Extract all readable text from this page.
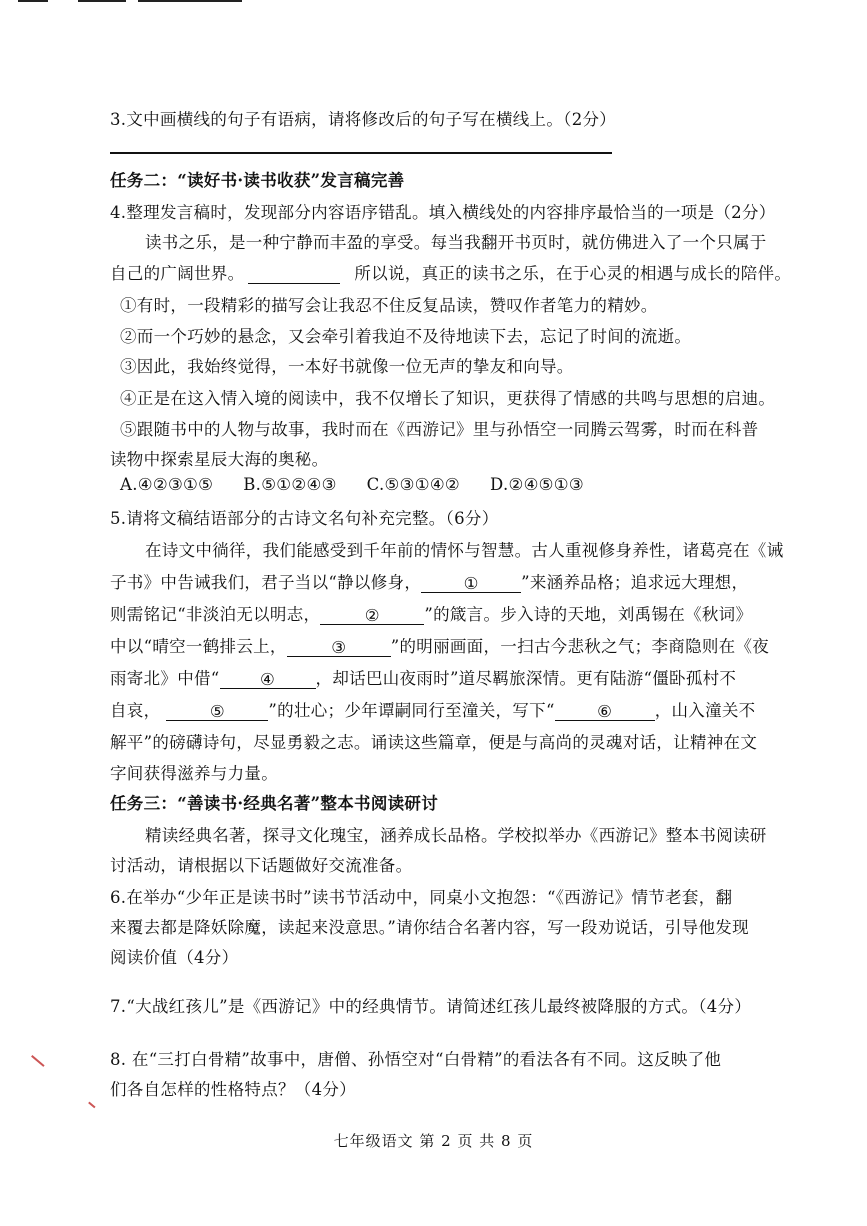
3.文中画横线的句子有语病，请将修改后的句子写在横线上。（2分）
任务二：“读好书·读书收获”发言稿完善
4.整理发言稿时，发现部分内容语序错乱。填入横线处的内容排序最恰当的一项是（2分）
读书之乐，是一种宁静而丰盈的享受。每当我翻开书页时，就仿佛进入了一个只属于
自己的广阔世界。	所以说，真正的读书之乐，在于心灵的相遇与成长的陪伴。
①有时，一段精彩的描写会让我忍不住反复品读，赞叹作者笔力的精妙。
②而一个巧妙的悬念，又会牵引着我迫不及待地读下去，忘记了时间的流逝。
③因此，我始终觉得，一本好书就像一位无声的挚友和向导。
④正是在这入情入境的阅读中，我不仅增长了知识，更获得了情感的共鸣与思想的启迪。
⑤跟随书中的人物与故事，我时而在《西游记》里与孙悟空一同腾云驾雾，时而在科普
读物中探索星辰大海的奥秘。
A.④②③①⑤ B.⑤①②④③ C.⑤③①④② D.②④⑤①③
5.请将文稿结语部分的古诗文名句补充完整。（6分）
在诗文中徜徉，我们能感受到千年前的情怀与智慧。古人重视修身养性，诸葛亮在《诫
子书》中告诫我们，君子当以“静以修身，	①	”来涵养品格；追求远大理想，
则需铭记“非淡泊无以明志，	②	”的箴言。步入诗的天地，刘禹锡在《秋词》
中以“晴空一鹤排云上，	③	”的明丽画面，一扫古今悲秋之气；李商隐则在《夜
雨寄北》中借“ ④ ，却话巴山夜雨时”道尽羁旅深情。更有陆游“僵卧孤村不
自哀，	⑤	”的壮心；少年谭嗣同行至潼关，写下“	⑥	，山入潼关不
解平”的磅礴诗句，尽显勇毅之志。诵读这些篇章，便是与高尚的灵魂对话，让精神在文
字间获得滋养与力量。
任务三：“善读书·经典名著”整本书阅读研讨
精读经典名著，探寻文化瑰宝，涵养成长品格。学校拟举办《西游记》整本书阅读研
讨活动，请根据以下话题做好交流准备。
6.在举办“少年正是读书时”读书节活动中，同桌小文抱怨：“《西游记》情节老套，翻
来覆去都是降妖除魔，读起来没意思。”请你结合名著内容，写一段劝说话，引导他发现
阅读价值（4分）
7.“大战红孩儿”是《西游记》中的经典情节。请简述红孩儿最终被降服的方式。（4分）
8. 在“三打白骨精”故事中，唐僧、孙悟空对“白骨精”的看法各有不同。这反映了他
们各自怎样的性格特点？（4分）
七年级语文 第 2 页 共 8 页
